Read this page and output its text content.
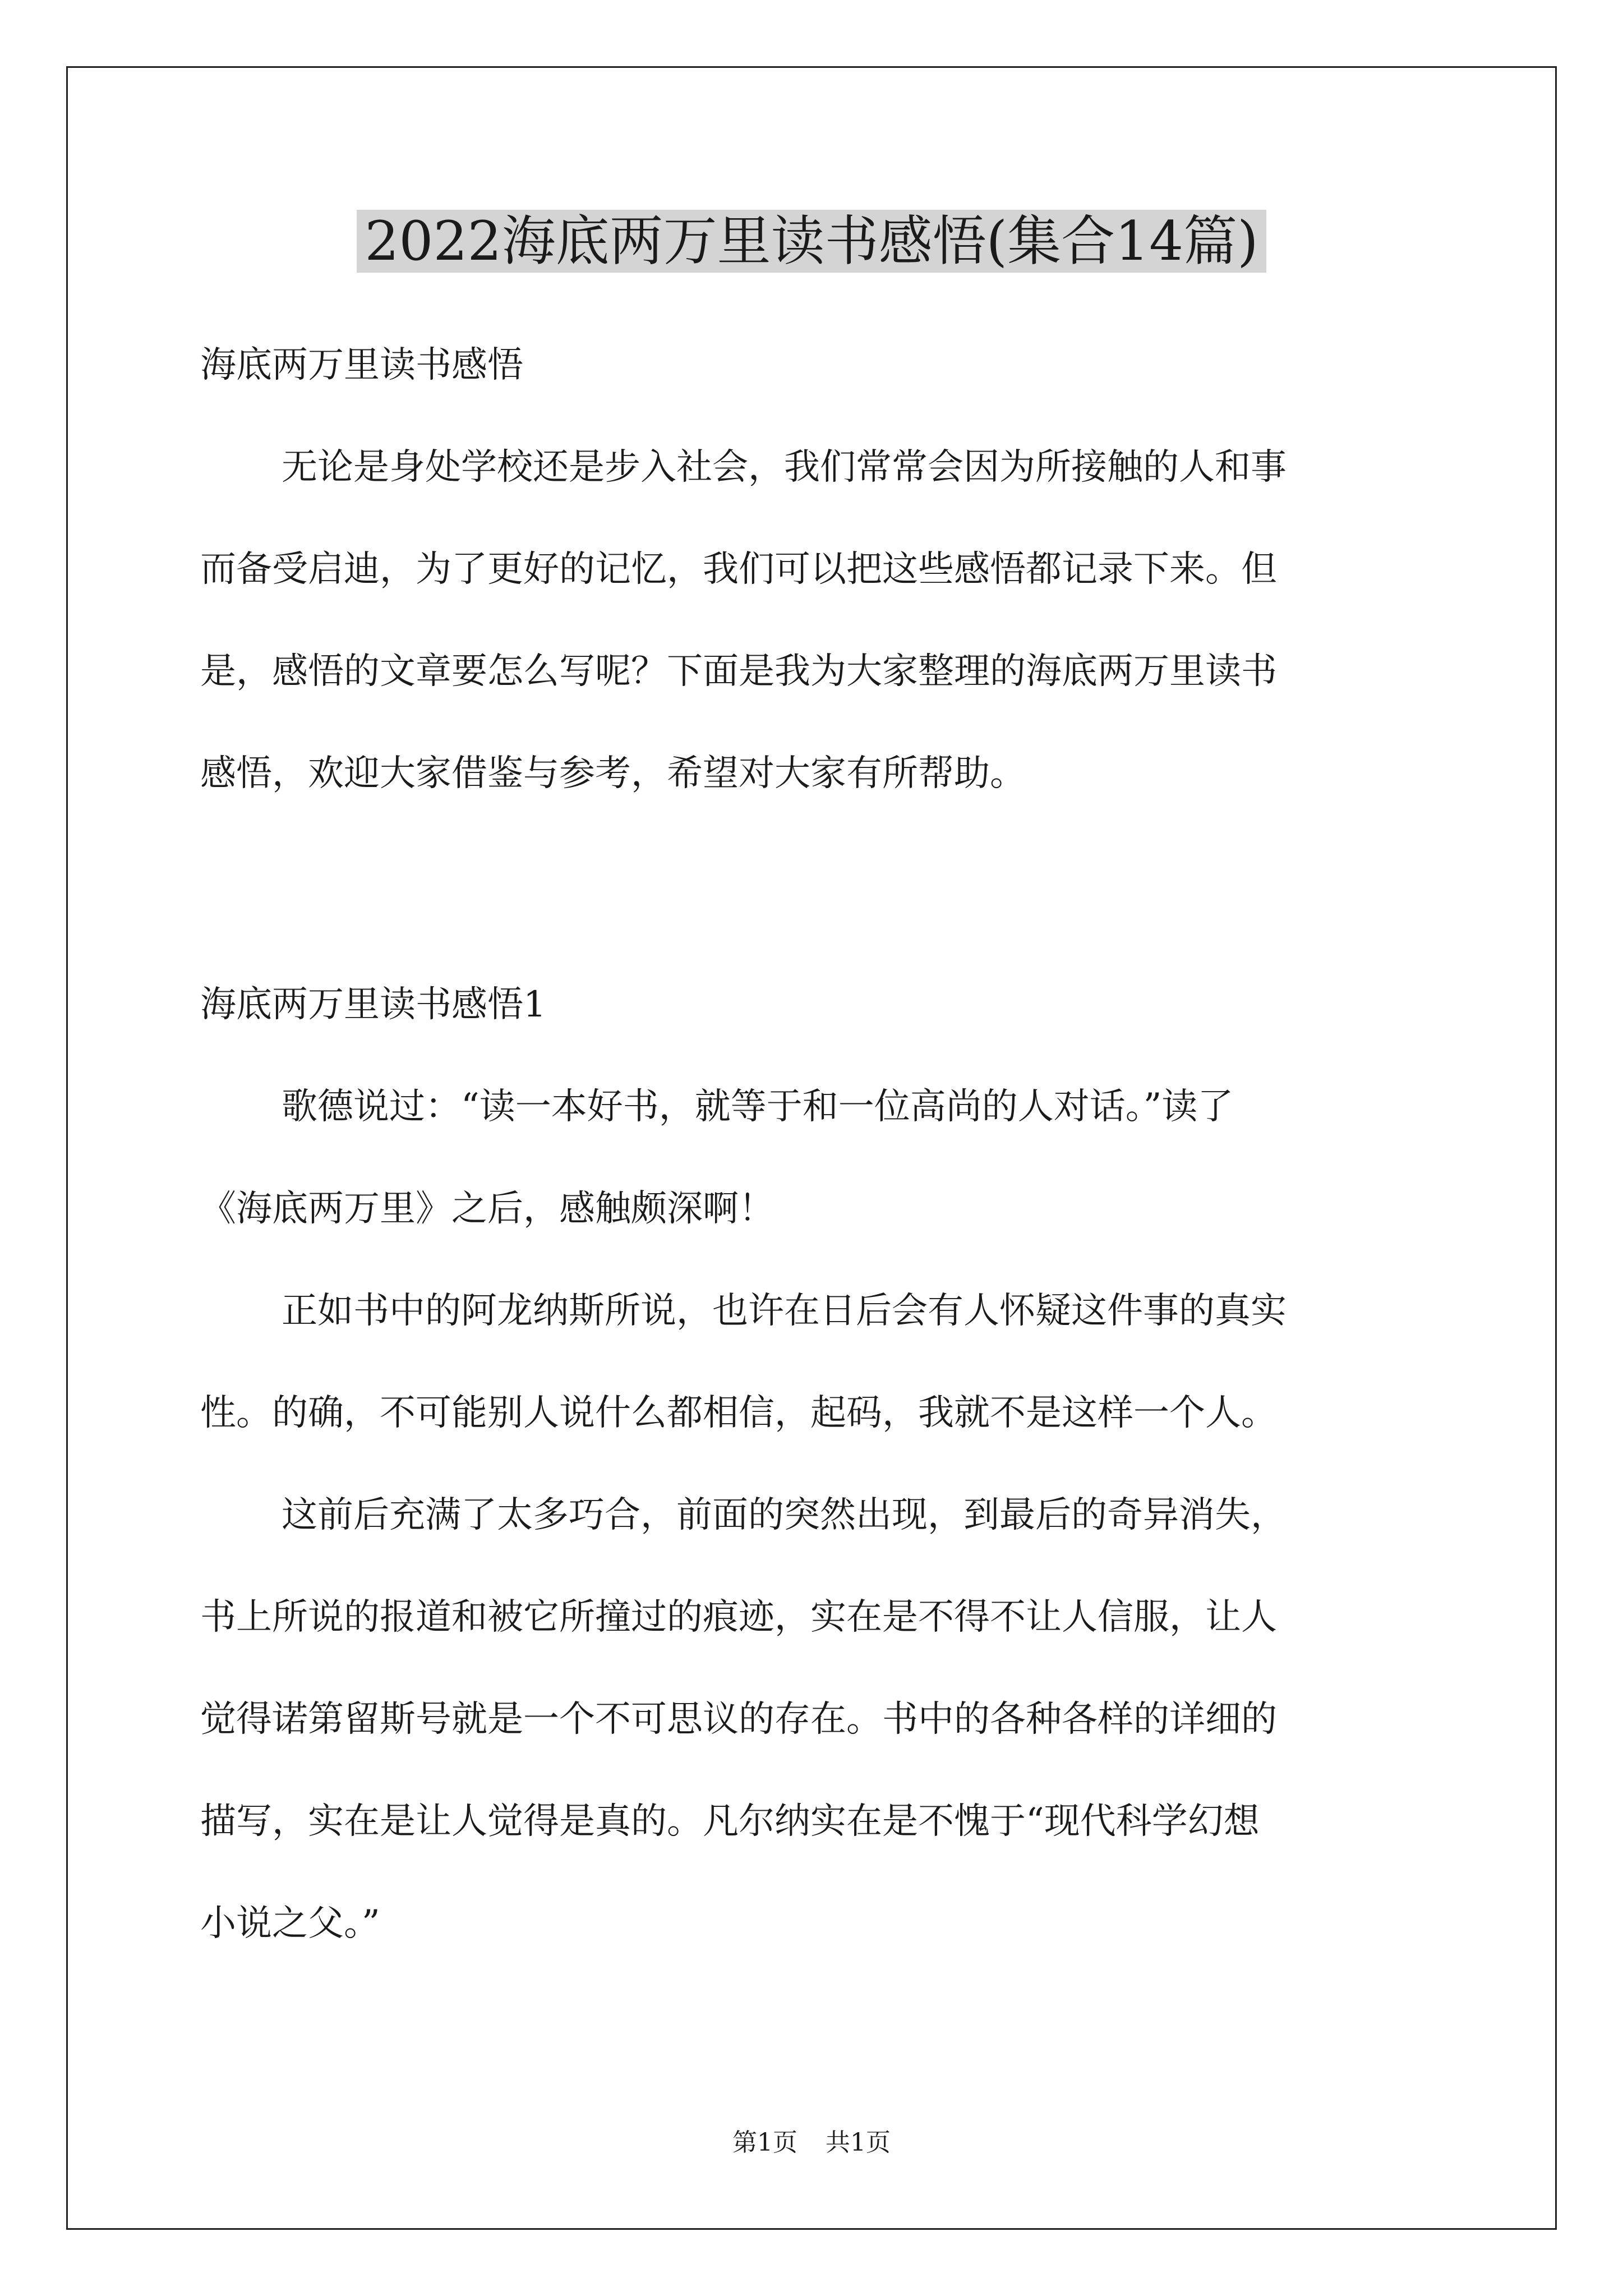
2022海底两万里读书感悟(集合14篇)
海底两万里读书感悟
无论是身处学校还是步入社会，我们常常会因为所接触的人和事
而备受启迪，为了更好的记忆，我们可以把这些感悟都记录下来。但
是，感悟的文章要怎么写呢？下面是我为大家整理的海底两万里读书
感悟，欢迎大家借鉴与参考，希望对大家有所帮助。
海底两万里读书感悟1
歌德说过：“读一本好书，就等于和一位高尚的人对话。”读了
《海底两万里》之后，感触颇深啊！
正如书中的阿龙纳斯所说，也许在日后会有人怀疑这件事的真实
性。的确，不可能别人说什么都相信，起码，我就不是这样一个人。
这前后充满了太多巧合，前面的突然出现，到最后的奇异消失，
书上所说的报道和被它所撞过的痕迹，实在是不得不让人信服，让人
觉得诺第留斯号就是一个不可思议的存在。书中的各种各样的详细的
描写，实在是让人觉得是真的。凡尔纳实在是不愧于“现代科学幻想
小说之父。”
第1页 共1页
